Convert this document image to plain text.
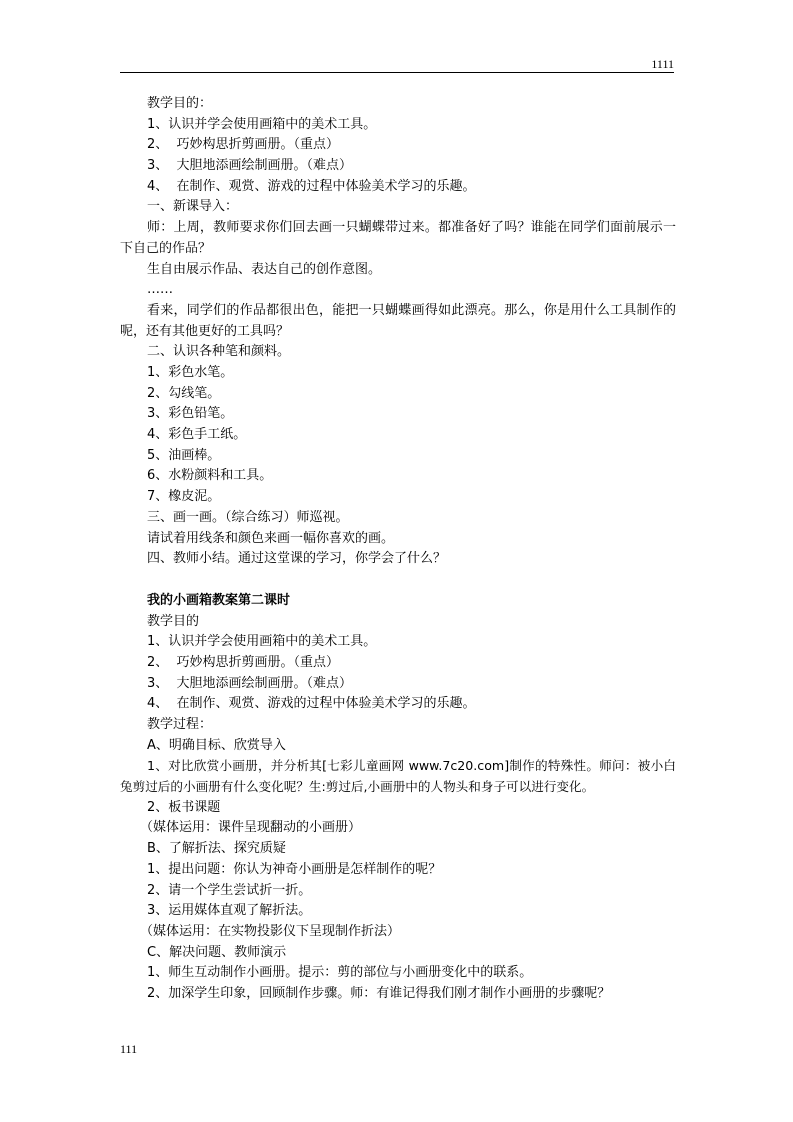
1111
教学目的：
1、认识并学会使用画箱中的美术工具。
2、  巧妙构思折剪画册。（重点）
3、  大胆地添画绘制画册。（难点）
4、  在制作、观赏、游戏的过程中体验美术学习的乐趣。
一、新课导入：
师：上周，教师要求你们回去画一只蝴蝶带过来。都准备好了吗？谁能在同学们面前展示一下自己的作品？
生自由展示作品、表达自己的创作意图。
……
看来，同学们的作品都很出色，能把一只蝴蝶画得如此漂亮。那么，你是用什么工具制作的呢，还有其他更好的工具吗？
二、认识各种笔和颜料。
1、彩色水笔。
2、勾线笔。
3、彩色铅笔。
4、彩色手工纸。
5、油画棒。
6、水粉颜料和工具。
7、橡皮泥。
三、画一画。（综合练习）师巡视。
请试着用线条和颜色来画一幅你喜欢的画。
四、教师小结。通过这堂课的学习，你学会了什么？
我的小画箱教案第二课时
教学目的
1、认识并学会使用画箱中的美术工具。
2、  巧妙构思折剪画册。（重点）
3、  大胆地添画绘制画册。（难点）
4、  在制作、观赏、游戏的过程中体验美术学习的乐趣。
教学过程：
A、明确目标、欣赏导入
1、对比欣赏小画册，并分析其[七彩儿童画网 www.7c20.com]制作的特殊性。师问：被小白兔剪过后的小画册有什么变化呢？生:剪过后,小画册中的人物头和身子可以进行变化。
2、板书课题
（媒体运用：课件呈现翻动的小画册）
B、了解折法、探究质疑
1、提出问题：你认为神奇小画册是怎样制作的呢？
2、请一个学生尝试折一折。
3、运用媒体直观了解折法。
（媒体运用：在实物投影仪下呈现制作折法）
C、解决问题、教师演示
1、师生互动制作小画册。提示：剪的部位与小画册变化中的联系。
2、加深学生印象，回顾制作步骤。师：有谁记得我们刚才制作小画册的步骤呢？
111
